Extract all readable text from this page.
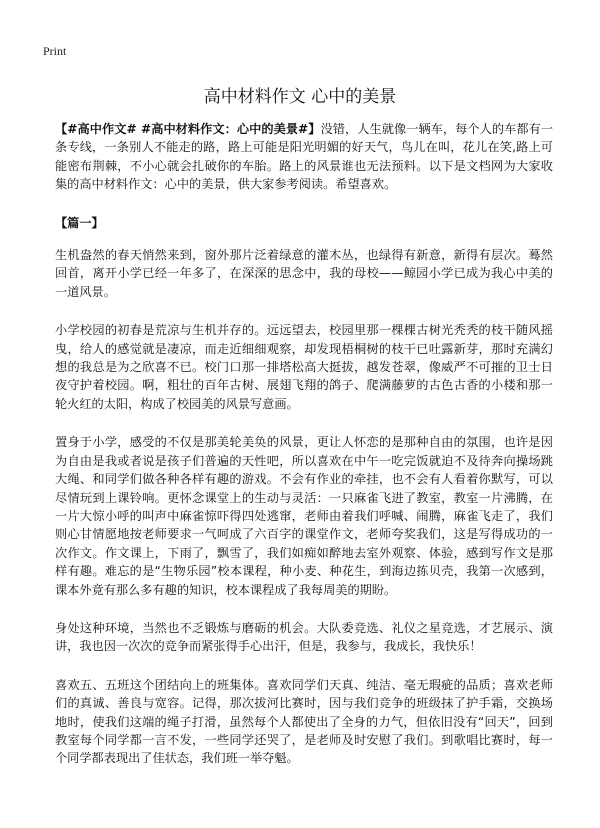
Print
高中材料作文 心中的美景

【#高中作文# #高中材料作文：心中的美景#】没错，人生就像一辆车，每个人的车都有一条专线，一条别人不能走的路，路上可能是阳光明媚的好天气，鸟儿在叫，花儿在笑,路上可能密布荆棘，不小心就会扎破你的车胎。路上的风景谁也无法预料。以下是文档网为大家收集的高中材料作文：心中的美景，供大家参考阅读。希望喜欢。

【篇一】

生机盎然的春天悄然来到，窗外那片泛着绿意的灌木丛，也绿得有新意，新得有层次。蓦然回首，离开小学已经一年多了，在深深的思念中，我的母校——鲸园小学已成为我心中美的一道风景。

小学校园的初春是荒凉与生机并存的。远远望去，校园里那一棵棵古树光秃秃的枝干随风摇曳，给人的感觉就是凄凉，而走近细细观察，却发现梧桐树的枝干已吐露新芽，那时充满幻想的我总是为之欣喜不已。校门口那一排塔松高大挺拔，越发苍翠，像威严不可摧的卫士日夜守护着校园。啊，粗壮的百年古树、展翅飞翔的鸽子、爬满藤萝的古色古香的小楼和那一轮火红的太阳，构成了校园美的风景写意画。

置身于小学，感受的不仅是那美轮美奂的风景，更让人怀恋的是那种自由的氛围，也许是因为自由是我或者说是孩子们普遍的天性吧，所以喜欢在中午一吃完饭就迫不及待奔向操场跳大绳、和同学们做各种各样有趣的游戏。不会有作业的牵挂，也不会有人看着你默写，可以尽情玩到上课铃响。更怀念课堂上的生动与灵活：一只麻雀飞进了教室，教室一片沸腾，在一片大惊小呼的叫声中麻雀惊吓得四处逃窜，老师由着我们呼喊、闹腾，麻雀飞走了，我们则心甘情愿地按老师要求一气呵成了六百字的课堂作文，老师夸奖我们，这是写得成功的一次作文。作文课上，下雨了，飘雪了，我们如痴如醉地去室外观察、体验，感到写作文是那样有趣。难忘的是“生物乐园”校本课程，种小麦、种花生，到海边拣贝壳，我第一次感到，课本外竟有那么多有趣的知识，校本课程成了我每周美的期盼。

身处这种环境，当然也不乏锻炼与磨砺的机会。大队委竞选、礼仪之星竞选，才艺展示、演讲，我也因一次次的竞争而紧张得手心出汗，但是，我参与，我成长，我快乐！

喜欢五、五班这个团结向上的班集体。喜欢同学们天真、纯洁、毫无瑕疵的品质；喜欢老师们的真诚、善良与宽容。记得，那次拔河比赛时，因与我们竞争的班级抹了护手霜，交换场地时，使我们这端的绳子打滑，虽然每个人都使出了全身的力气，但依旧没有“回天”，回到教室每个同学都一言不发，一些同学还哭了，是老师及时安慰了我们。到歌唱比赛时，每一个同学都表现出了佳状态，我们班一举夺魁。
